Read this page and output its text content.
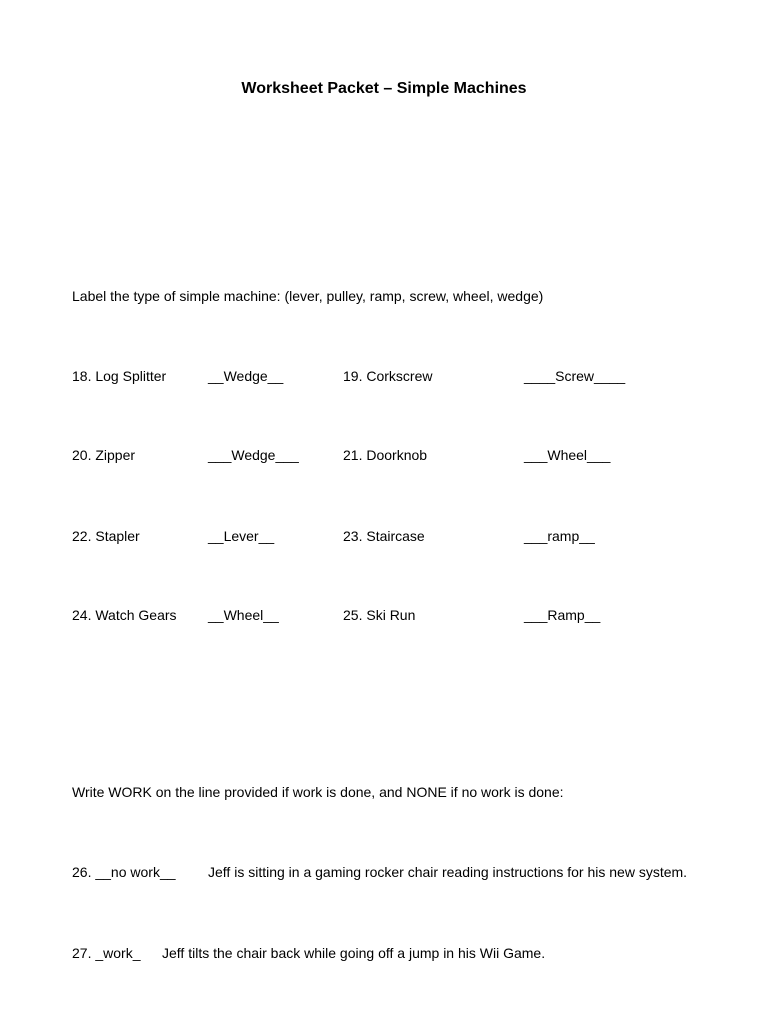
Worksheet Packet – Simple Machines
Label the type of simple machine: (lever, pulley, ramp, screw, wheel, wedge)
18. Log Splitter	__Wedge__	19. Corkscrew	____Screw____
20. Zipper	___Wedge___	21. Doorknob	___Wheel___
22. Stapler	__Lever__	23. Staircase	___ramp__
24. Watch Gears __Wheel__	25. Ski Run	___Ramp__
Write WORK on the line provided if work is done, and NONE if no work is done:
26. __no work__ Jeff is sitting in a gaming rocker chair reading instructions for his new system.
27. _work_ Jeff tilts the chair back while going off a jump in his Wii Game.
